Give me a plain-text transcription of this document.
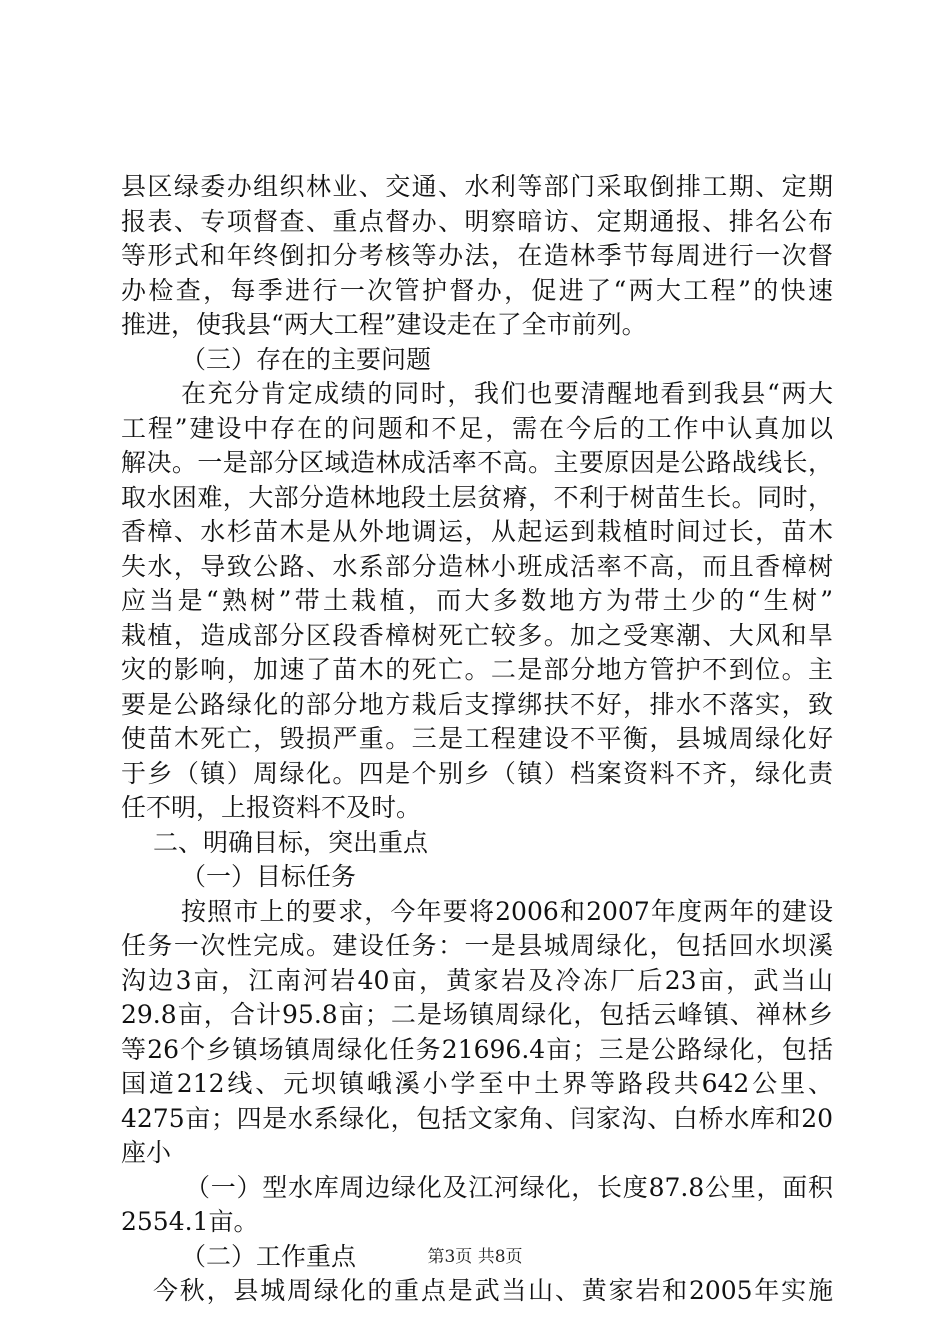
县区绿委办组织林业、交通、水利等部门采取倒排工期、定期
报表、专项督查、重点督办、明察暗访、定期通报、排名公布
等形式和年终倒扣分考核等办法，在造林季节每周进行一次督
办检查，每季进行一次管护督办，促进了“两大工程”的快速
推进，使我县“两大工程”建设走在了全市前列。
（三）存在的主要问题
在充分肯定成绩的同时，我们也要清醒地看到我县“两大
工程”建设中存在的问题和不足，需在今后的工作中认真加以
解决。一是部分区域造林成活率不高。主要原因是公路战线长，
取水困难，大部分造林地段土层贫瘠，不利于树苗生长。同时，
香樟、水杉苗木是从外地调运，从起运到栽植时间过长，苗木
失水，导致公路、水系部分造林小班成活率不高，而且香樟树
应当是“熟树”带土栽植，而大多数地方为带土少的“生树”
栽植，造成部分区段香樟树死亡较多。加之受寒潮、大风和旱
灾的影响，加速了苗木的死亡。二是部分地方管护不到位。主
要是公路绿化的部分地方栽后支撑绑扶不好，排水不落实，致
使苗木死亡，毁损严重。三是工程建设不平衡，县城周绿化好
于乡（镇）周绿化。四是个别乡（镇）档案资料不齐，绿化责
任不明，上报资料不及时。
二、明确目标，突出重点
（一）目标任务
按照市上的要求，今年要将2006和2007年度两年的建设
任务一次性完成。建设任务：一是县城周绿化，包括回水坝溪
沟边3亩，江南河岩40亩，黄家岩及冷冻厂后23亩，武当山
29.8亩，合计95.8亩；二是场镇周绿化，包括云峰镇、禅林乡
等26个乡镇场镇周绿化任务21696.4亩；三是公路绿化，包括
国道212线、元坝镇峨溪小学至中土界等路段共642公里、
4275亩；四是水系绿化，包括文家角、闫家沟、白桥水库和20
座小
（一）型水库周边绿化及江河绿化，长度87.8公里，面积
2554.1亩。
（二）工作重点
今秋，县城周绿化的重点是武当山、黄家岩和2005年实施
第3页 共8页
